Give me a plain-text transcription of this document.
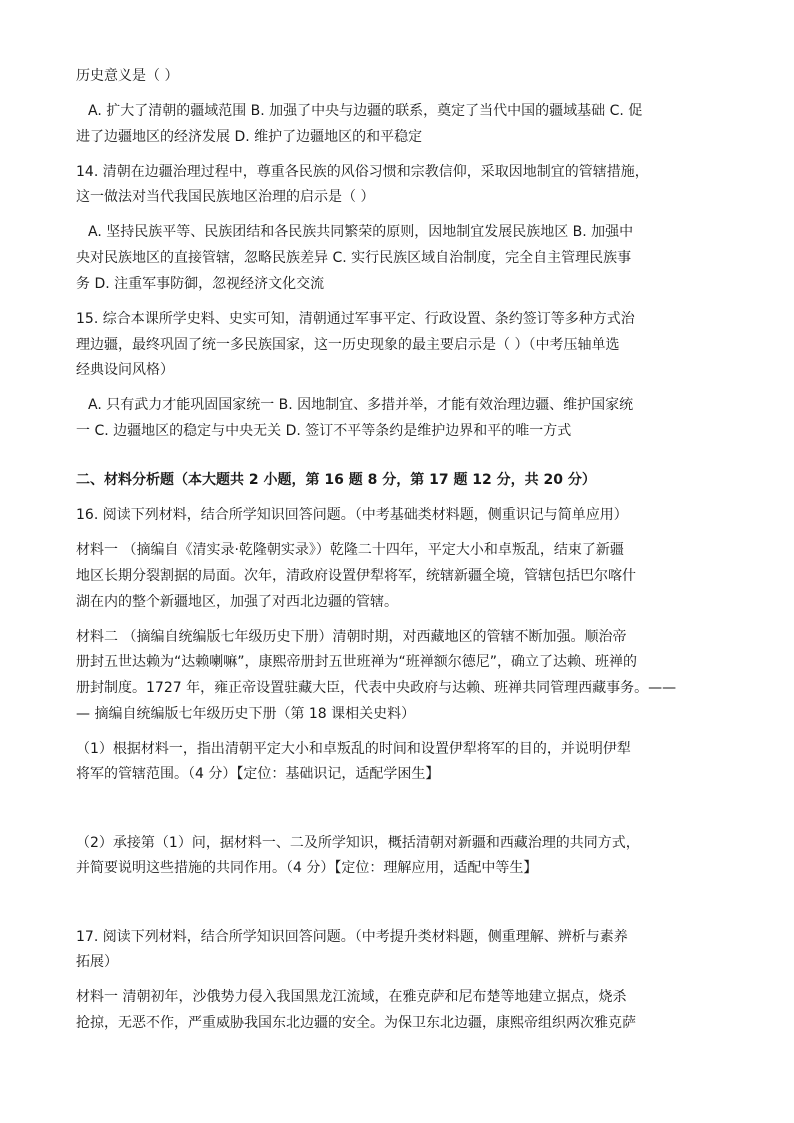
历史意义是（ ）

A. 扩大了清朝的疆域范围 B. 加强了中央与边疆的联系，奠定了当代中国的疆域基础 C. 促

进了边疆地区的经济发展 D. 维护了边疆地区的和平稳定

14. 清朝在边疆治理过程中，尊重各民族的风俗习惯和宗教信仰，采取因地制宜的管辖措施，

这一做法对当代我国民族地区治理的启示是（ ）

A. 坚持民族平等、民族团结和各民族共同繁荣的原则，因地制宜发展民族地区 B. 加强中

央对民族地区的直接管辖，忽略民族差异 C. 实行民族区域自治制度，完全自主管理民族事

务 D. 注重军事防御，忽视经济文化交流

15. 综合本课所学史料、史实可知，清朝通过军事平定、行政设置、条约签订等多种方式治

理边疆，最终巩固了统一多民族国家，这一历史现象的最主要启示是（ ）（中考压轴单选

经典设问风格）

A. 只有武力才能巩固国家统一 B. 因地制宜、多措并举，才能有效治理边疆、维护国家统

一 C. 边疆地区的稳定与中央无关 D. 签订不平等条约是维护边界和平的唯一方式

二、材料分析题（本大题共 2 小题，第 16 题 8 分，第 17 题 12 分，共 20 分）

16. 阅读下列材料，结合所学知识回答问题。（中考基础类材料题，侧重识记与简单应用）

材料一 （摘编自《清实录·乾隆朝实录》）乾隆二十四年，平定大小和卓叛乱，结束了新疆

地区长期分裂割据的局面。次年，清政府设置伊犁将军，统辖新疆全境，管辖包括巴尔喀什

湖在内的整个新疆地区，加强了对西北边疆的管辖。

材料二 （摘编自统编版七年级历史下册）清朝时期，对西藏地区的管辖不断加强。顺治帝

册封五世达赖为“达赖喇嘛”，康熙帝册封五世班禅为“班禅额尔德尼”，确立了达赖、班禅的

册封制度。1727 年，雍正帝设置驻藏大臣，代表中央政府与达赖、班禅共同管理西藏事务。——

— 摘编自统编版七年级历史下册（第 18 课相关史料）

（1）根据材料一，指出清朝平定大小和卓叛乱的时间和设置伊犁将军的目的，并说明伊犁

将军的管辖范围。（4 分）【定位：基础识记，适配学困生】

（2）承接第（1）问，据材料一、二及所学知识，概括清朝对新疆和西藏治理的共同方式，

并简要说明这些措施的共同作用。（4 分）【定位：理解应用，适配中等生】

17. 阅读下列材料，结合所学知识回答问题。（中考提升类材料题，侧重理解、辨析与素养

拓展）

材料一 清朝初年，沙俄势力侵入我国黑龙江流域，在雅克萨和尼布楚等地建立据点，烧杀

抢掠，无恶不作，严重威胁我国东北边疆的安全。为保卫东北边疆，康熙帝组织两次雅克萨
